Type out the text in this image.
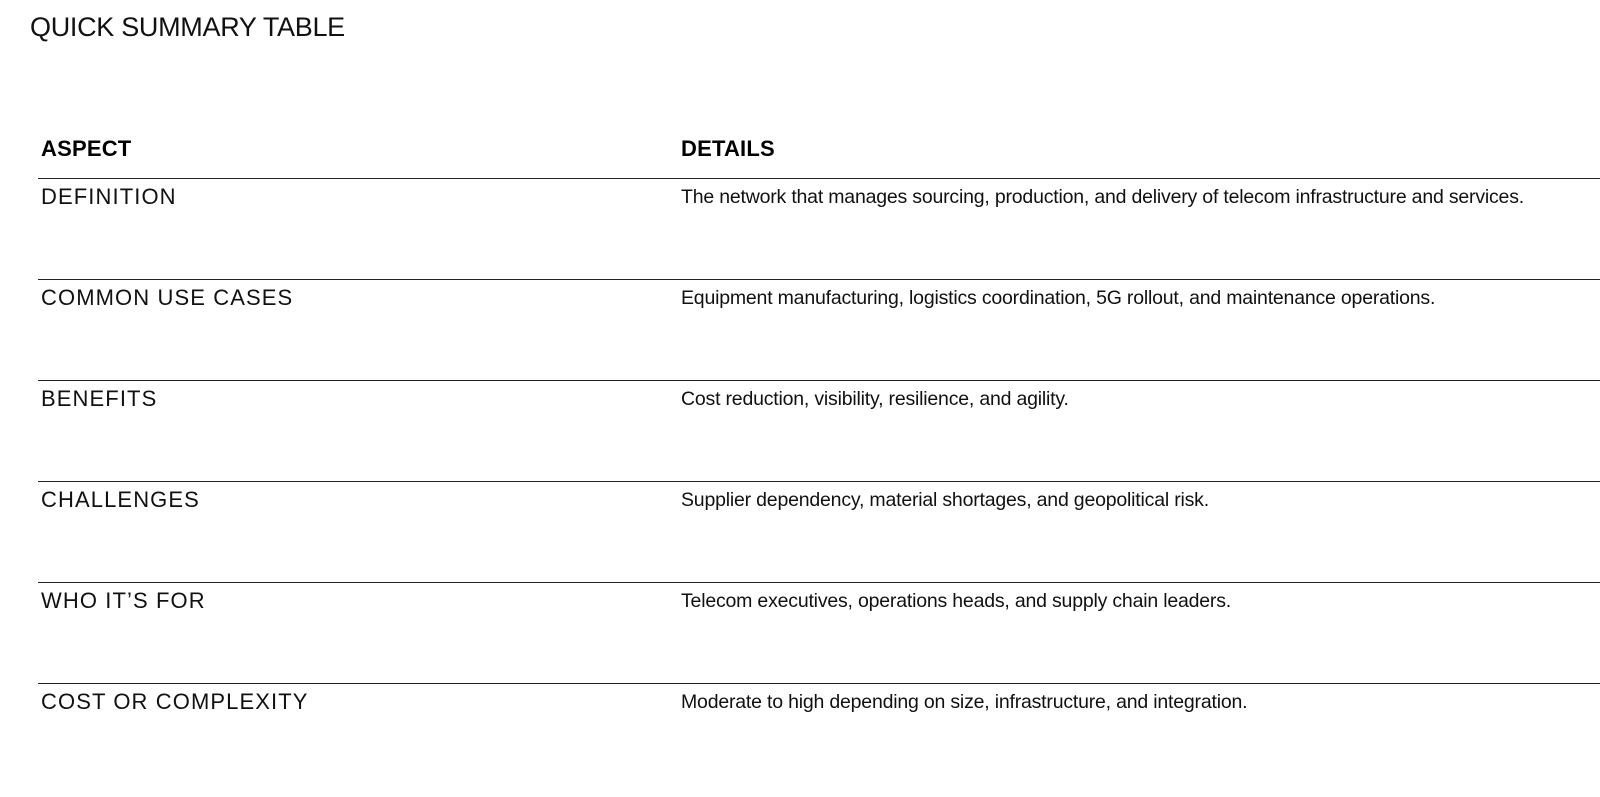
QUICK SUMMARY TABLE
ASPECT	DETAILS
DEFINITION	The network that manages sourcing, production, and delivery of telecom infrastructure and services.
COMMON USE CASES	Equipment manufacturing, logistics coordination, 5G rollout, and maintenance operations.
BENEFITS	Cost reduction, visibility, resilience, and agility.
CHALLENGES	Supplier dependency, material shortages, and geopolitical risk.
WHO IT’S FOR	Telecom executives, operations heads, and supply chain leaders.
COST OR COMPLEXITY	Moderate to high depending on size, infrastructure, and integration.
